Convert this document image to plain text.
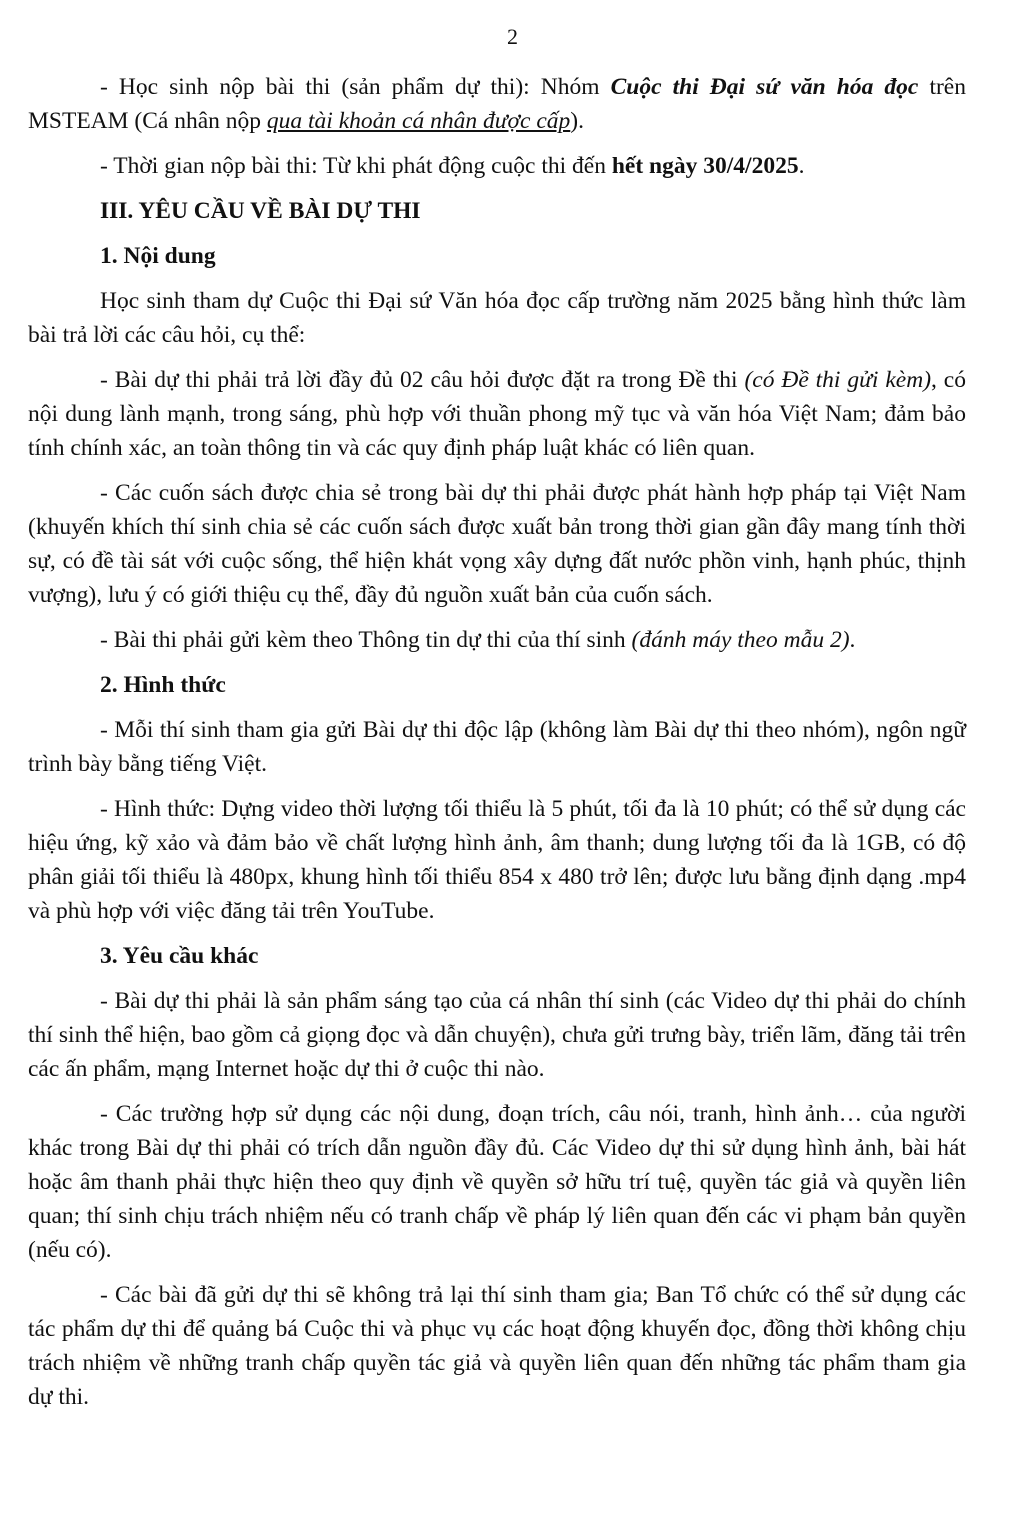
2

- Học sinh nộp bài thi (sản phẩm dự thi): Nhóm Cuộc thi Đại sứ văn hóa đọc trên MSTEAM (Cá nhân nộp qua tài khoản cá nhân được cấp).

- Thời gian nộp bài thi: Từ khi phát động cuộc thi đến hết ngày 30/4/2025.

III. YÊU CẦU VỀ BÀI DỰ THI
1. Nội dung

Học sinh tham dự Cuộc thi Đại sứ Văn hóa đọc cấp trường năm 2025 bằng hình thức làm bài trả lời các câu hỏi, cụ thể:

- Bài dự thi phải trả lời đầy đủ 02 câu hỏi được đặt ra trong Đề thi (có Đề thi gửi kèm), có nội dung lành mạnh, trong sáng, phù hợp với thuần phong mỹ tục và văn hóa Việt Nam; đảm bảo tính chính xác, an toàn thông tin và các quy định pháp luật khác có liên quan.

- Các cuốn sách được chia sẻ trong bài dự thi phải được phát hành hợp pháp tại Việt Nam (khuyến khích thí sinh chia sẻ các cuốn sách được xuất bản trong thời gian gần đây mang tính thời sự, có đề tài sát với cuộc sống, thể hiện khát vọng xây dựng đất nước phồn vinh, hạnh phúc, thịnh vượng), lưu ý có giới thiệu cụ thể, đầy đủ nguồn xuất bản của cuốn sách.

- Bài thi phải gửi kèm theo Thông tin dự thi của thí sinh (đánh máy theo mẫu 2).

2. Hình thức

- Mỗi thí sinh tham gia gửi Bài dự thi độc lập (không làm Bài dự thi theo nhóm), ngôn ngữ trình bày bằng tiếng Việt.

- Hình thức: Dựng video thời lượng tối thiểu là 5 phút, tối đa là 10 phút; có thể sử dụng các hiệu ứng, kỹ xảo và đảm bảo về chất lượng hình ảnh, âm thanh; dung lượng tối đa là 1GB, có độ phân giải tối thiểu là 480px, khung hình tối thiểu 854 x 480 trở lên; được lưu bằng định dạng .mp4 và phù hợp với việc đăng tải trên YouTube.

3. Yêu cầu khác

- Bài dự thi phải là sản phẩm sáng tạo của cá nhân thí sinh (các Video dự thi phải do chính thí sinh thể hiện, bao gồm cả giọng đọc và dẫn chuyện), chưa gửi trưng bày, triển lãm, đăng tải trên các ấn phẩm, mạng Internet hoặc dự thi ở cuộc thi nào.

- Các trường hợp sử dụng các nội dung, đoạn trích, câu nói, tranh, hình ảnh… của người khác trong Bài dự thi phải có trích dẫn nguồn đầy đủ. Các Video dự thi sử dụng hình ảnh, bài hát hoặc âm thanh phải thực hiện theo quy định về quyền sở hữu trí tuệ, quyền tác giả và quyền liên quan; thí sinh chịu trách nhiệm nếu có tranh chấp về pháp lý liên quan đến các vi phạm bản quyền (nếu có).

- Các bài đã gửi dự thi sẽ không trả lại thí sinh tham gia; Ban Tổ chức có thể sử dụng các tác phẩm dự thi để quảng bá Cuộc thi và phục vụ các hoạt động khuyến đọc, đồng thời không chịu trách nhiệm về những tranh chấp quyền tác giả và quyền liên quan đến những tác phẩm tham gia dự thi.
